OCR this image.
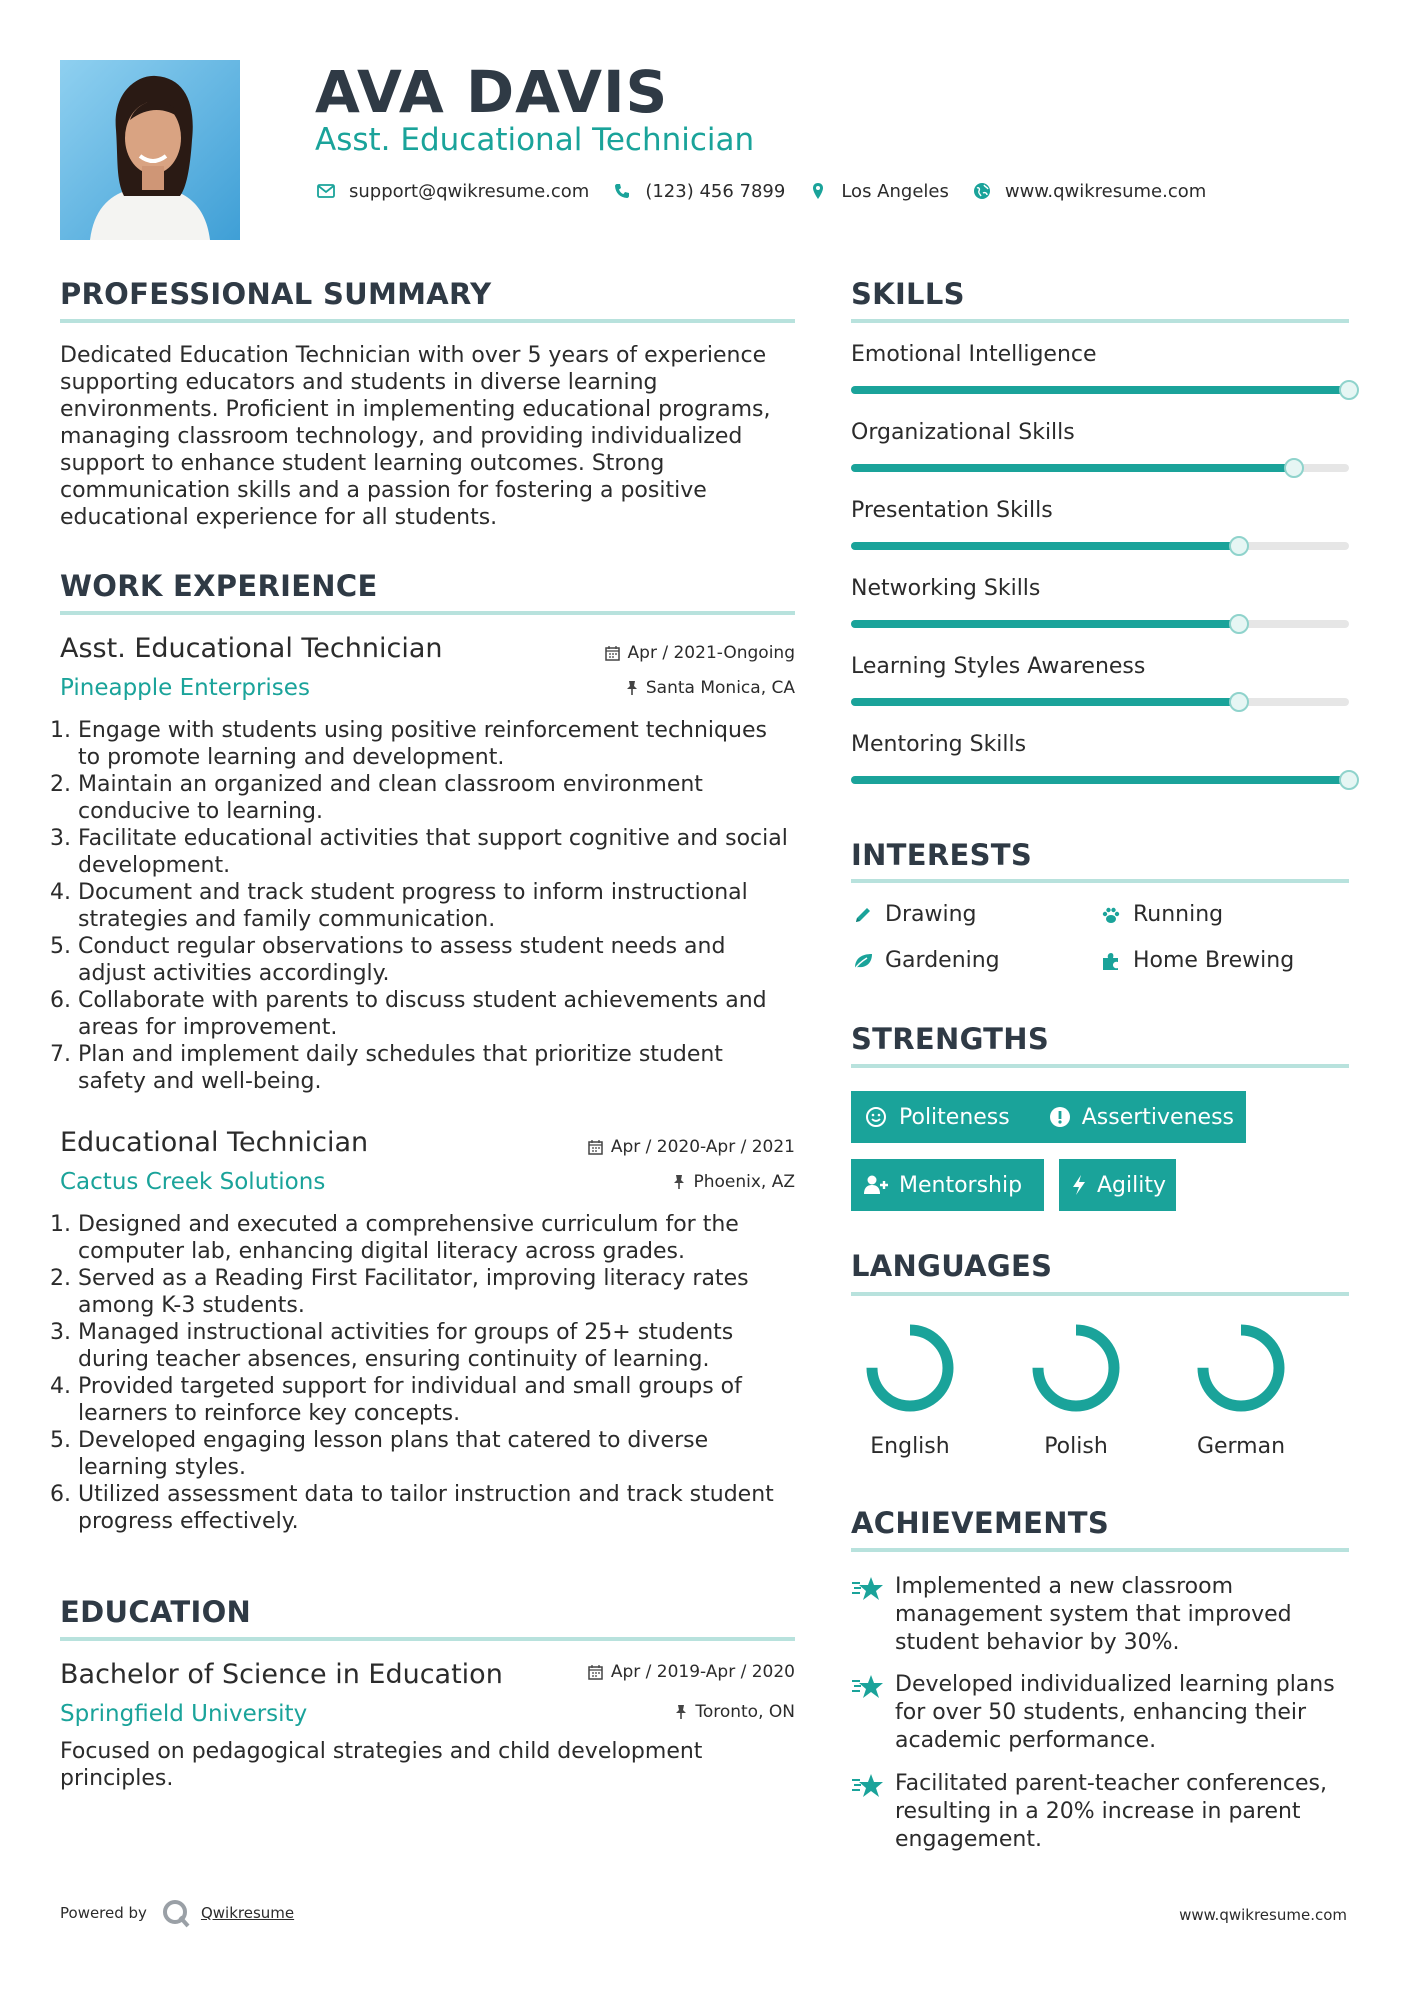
AVA DAVIS
Asst. Educational Technician
support@qwikresume.com	(123) 456 7899	Los Angeles	www.qwikresume.com
PROFESSIONAL SUMMARY
Dedicated Education Technician with over 5 years of experience supporting educators and students in diverse learning environments. Proficient in implementing educational programs, managing classroom technology, and providing individualized support to enhance student learning outcomes. Strong communication skills and a passion for fostering a positive educational experience for all students.
WORK EXPERIENCE
Asst. Educational Technician	Apr / 2021-Ongoing
Pineapple Enterprises	Santa Monica, CA
1. Engage with students using positive reinforcement techniques to promote learning and development.
2. Maintain an organized and clean classroom environment conducive to learning.
3. Facilitate educational activities that support cognitive and social development.
4. Document and track student progress to inform instructional strategies and family communication.
5. Conduct regular observations to assess student needs and adjust activities accordingly.
6. Collaborate with parents to discuss student achievements and areas for improvement.
7. Plan and implement daily schedules that prioritize student safety and well-being.
Educational Technician	Apr / 2020-Apr / 2021
Cactus Creek Solutions	Phoenix, AZ
1. Designed and executed a comprehensive curriculum for the computer lab, enhancing digital literacy across grades.
2. Served as a Reading First Facilitator, improving literacy rates among K-3 students.
3. Managed instructional activities for groups of 25+ students during teacher absences, ensuring continuity of learning.
4. Provided targeted support for individual and small groups of learners to reinforce key concepts.
5. Developed engaging lesson plans that catered to diverse learning styles.
6. Utilized assessment data to tailor instruction and track student progress effectively.
EDUCATION
Bachelor of Science in Education	Apr / 2019-Apr / 2020
Springfield University	Toronto, ON
Focused on pedagogical strategies and child development principles.
SKILLS
Emotional Intelligence
Organizational Skills
Presentation Skills
Networking Skills
Learning Styles Awareness
Mentoring Skills
INTERESTS
Drawing	Running
Gardening	Home Brewing
STRENGTHS
Politeness	Assertiveness
Mentorship	Agility
LANGUAGES
English	Polish	German
ACHIEVEMENTS
Implemented a new classroom management system that improved student behavior by 30%.
Developed individualized learning plans for over 50 students, enhancing their academic performance.
Facilitated parent-teacher conferences, resulting in a 20% increase in parent engagement.
Powered by	Qwikresume	www.qwikresume.com
